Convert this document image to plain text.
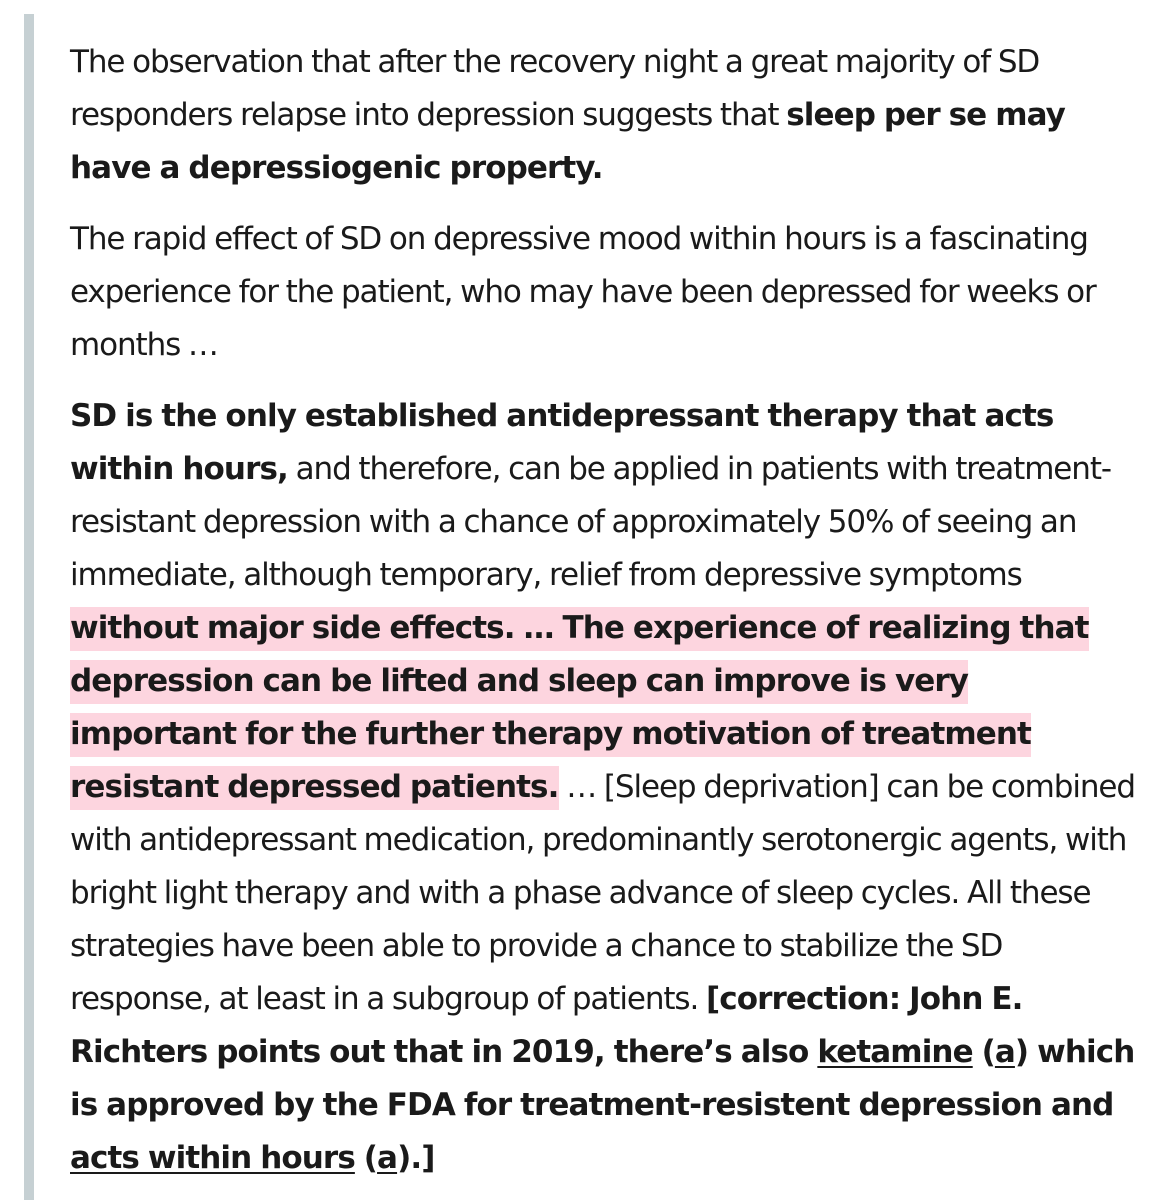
The observation that after the recovery night a great majority of SD responders relapse into depression suggests that sleep per se may have a depressiogenic property.

The rapid effect of SD on depressive mood within hours is a fascinating experience for the patient, who may have been depressed for weeks or months …

SD is the only established antidepressant therapy that acts within hours, and therefore, can be applied in patients with treatment-resistant depression with a chance of approximately 50% of seeing an immediate, although temporary, relief from depressive symptoms without major side effects. … The experience of realizing that depression can be lifted and sleep can improve is very important for the further therapy motivation of treatment resistant depressed patients. … [Sleep deprivation] can be combined with antidepressant medication, predominantly serotonergic agents, with bright light therapy and with a phase advance of sleep cycles. All these strategies have been able to provide a chance to stabilize the SD response, at least in a subgroup of patients. [correction: John E. Richters points out that in 2019, there’s also ketamine (a) which is approved by the FDA for treatment-resistent depression and acts within hours (a).]
